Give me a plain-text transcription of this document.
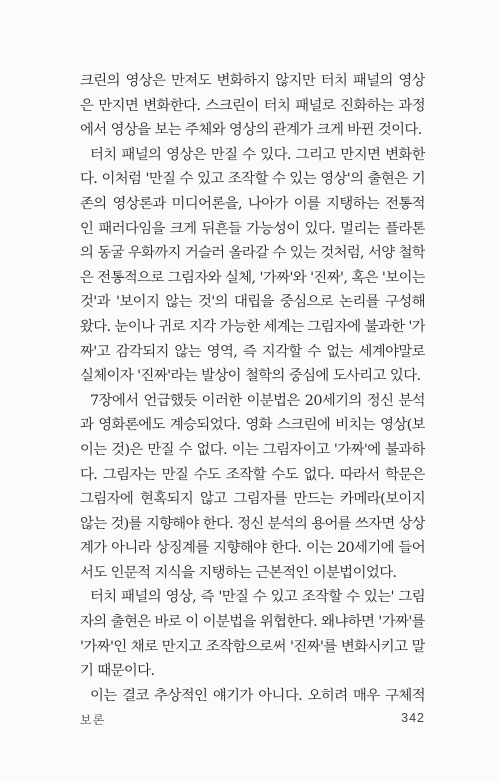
크린의 영상은 만져도 변화하지 않지만 터치 패널의 영상
은 만지면 변화한다. 스크린이 터치 패널로 진화하는 과정
에서 영상을 보는 주체와 영상의 관계가 크게 바뀐 것이다.
터치 패널의 영상은 만질 수 있다. 그리고 만지면 변화한
다. 이처럼 '만질 수 있고 조작할 수 있는 영상'의 출현은 기
존의 영상론과 미디어론을, 나아가 이를 지탱하는 전통적
인 패러다임을 크게 뒤흔들 가능성이 있다. 멀리는 플라톤
의 동굴 우화까지 거슬러 올라갈 수 있는 것처럼, 서양 철학
은 전통적으로 그림자와 실체, '가짜'와 '진짜', 혹은 '보이는
것'과 '보이지 않는 것'의 대립을 중심으로 논리를 구성해
왔다. 눈이나 귀로 지각 가능한 세계는 그림자에 불과한 '가
짜'고 감각되지 않는 영역, 즉 지각할 수 없는 세계야말로
실체이자 '진짜'라는 발상이 철학의 중심에 도사리고 있다.
7장에서 언급했듯 이러한 이분법은 20세기의 정신 분석
과 영화론에도 계승되었다. 영화 스크린에 비치는 영상(보
이는 것)은 만질 수 없다. 이는 그림자이고 '가짜'에 불과하
다. 그림자는 만질 수도 조작할 수도 없다. 따라서 학문은
그림자에 현혹되지 않고 그림자를 만드는 카메라(보이지
않는 것)를 지향해야 한다. 정신 분석의 용어를 쓰자면 상상
계가 아니라 상징계를 지향해야 한다. 이는 20세기에 들어
서도 인문적 지식을 지탱하는 근본적인 이분법이었다.
터치 패널의 영상, 즉 '만질 수 있고 조작할 수 있는' 그림
자의 출현은 바로 이 이분법을 위협한다. 왜냐하면 '가짜'를
'가짜'인 채로 만지고 조작함으로써 '진짜'를 변화시키고 말
기 때문이다.
이는 결코 추상적인 얘기가 아니다. 오히려 매우 구체적
보론	342
